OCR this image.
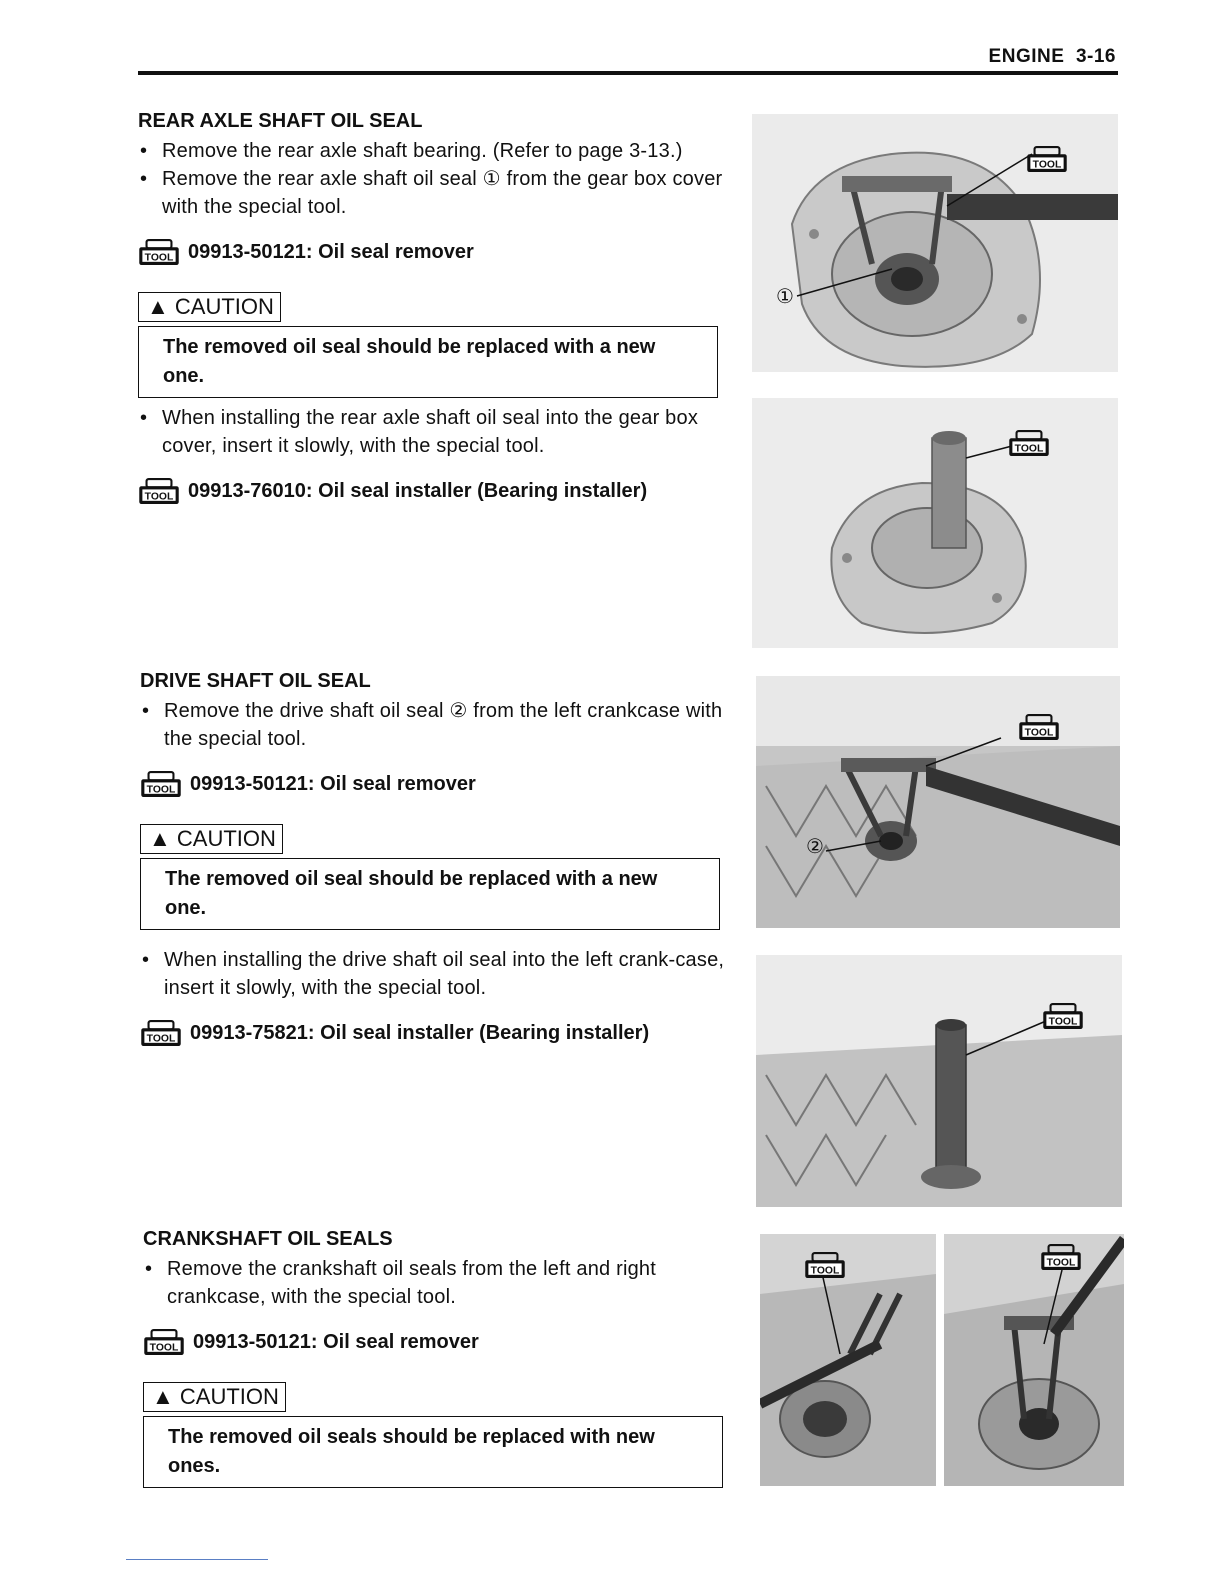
ENGINE 3-16
REAR AXLE SHAFT OIL SEAL
• Remove the rear axle shaft bearing. (Refer to page 3-13.)
• Remove the rear axle shaft oil seal ① from the gear box cover with the special tool.
09913-50121: Oil seal remover
▲ CAUTION
The removed oil seal should be replaced with a new one.
• When installing the rear axle shaft oil seal into the gear box cover, insert it slowly, with the special tool.
09913-76010: Oil seal installer (Bearing installer)
DRIVE SHAFT OIL SEAL
• Remove the drive shaft oil seal ② from the left crankcase with the special tool.
09913-50121: Oil seal remover
▲ CAUTION
The removed oil seal should be replaced with a new one.
• When installing the drive shaft oil seal into the left crank-case, insert it slowly, with the special tool.
09913-75821: Oil seal installer (Bearing installer)
CRANKSHAFT OIL SEALS
• Remove the crankshaft oil seals from the left and right crankcase, with the special tool.
09913-50121: Oil seal remover
▲ CAUTION
The removed oil seals should be replaced with new ones.
①
②
